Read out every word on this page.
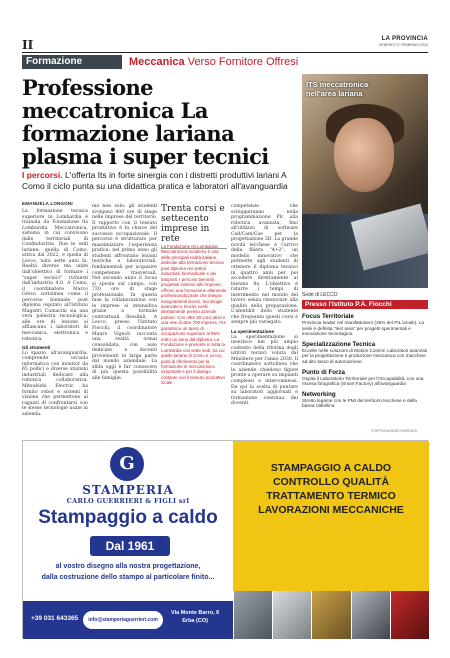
II	LA PROVINCIA
VENERDÌ 17 FEBBRAIO 2024
Formazione	Meccanica Verso Fornitore Offresi
Professione meccatronica La formazione lariana plasma i super tecnici
ITS meccatronica nell'area lariana
I percorsi. L'offerta Its in forte sinergia con i distretti produttivi lariani A Como il ciclo punta su una didattica pratica e laboratori all'avanguardia
EMANUELA LONGONI

La formazione tecnica superiore in Lombardia è trainata da Fondazione Its Lombardia Meccatronica, sistema in cui convivono dalle territoriali di Confindustria. Due le sedi lariane: quella di Como, attiva dal 2022, e quella di Lecco, nata sette anni fa. Realtà diverse ma unite dall'obiettivo di formare i "super tecnici" richiesti dall'industria 4.0. A Como, il coordinatore Marco Greco sottolinea come il percorso biennale post diploma ospitato all'Istituto Magistri Cumacini sia una vera palestra tecnologica: alle ore di lezione si affiancano i laboratori di meccanica, elettronica e robotica.

Gli strumenti

Lo spazio, all'avanguardia, comprende un'aula informatica con monitor da 65 pollici e diverse stazioni industriali dedicate alla robotica collaborativa. Mitsubishi Electric ha fornito robot e sistemi di visione che permettono ai ragazzi di confrontarsi con le stesse tecnologie usate in azienda.

ma non solo: gli studenti svolgono 400 ore di stage nelle imprese del territorio. Il rapporto con il tessuto produttivo è la chiave del successo occupazionale. Il percorso è strutturato per massimizzare l'esperienza pratica: nel primo anno gli studenti affrontano lezioni teoriche e laboratoriali, fondamentali per acquisire competenze trasversali. Nel secondo anno il focus si sposta sul campo, con 720 ore di stage professionale. In questa fase la collaborazione con le imprese si intensifica grazie a formule contrattuali flessibili. A Lecco, presso l'Istituto Fiocchi, il coordinatore Mauro Vignoli racconta una realtà ormai consolidata, con aule dedicate e docenti provenienti in larga parte dal mondo aziendale. La sfida oggi è far conoscere di più questa possibilità alle famiglie.

Trenta corsi e settecento imprese in rete
La Fondazione Its Lombardia Meccatronica Academy è una delle principali realtà italiane dedicate alla formazione tecnica post diploma nei settori industriali, biomedicale e dei trasporti. I percorsi biennali, progettati insieme alle imprese, offrono una formazione altamente professionalizzante che integra insegnamenti teorici, tecnologie avanzate e tirocini svolti direttamente presso aziende partner. Con oltre 30 corsi attivi e una rete di oltre 700 imprese, l'Its garantisce un tasso di occupazione superiore al 95% entro un anno dal diploma. La Fondazione è presente in tutta la Lombardia con sette sedi, tra cui quelle lariane di Como e Lecco, punti di riferimento per la formazione in meccatronica industriale e per il dialogo costante con il tessuto produttivo locale.

competenze che svilupperanno nella programmazione Plc alla robotica avanzata, fino all'utilizzo di software Cad/Cam/Cae per la progettazione 3D. La grande novità lecchese è l'arrivo della filiera "4+2", un modello innovativo che permette agli studenti di ottenere il diploma tecnico in quattro anni per poi accedere direttamente al biennio Its. L'obiettivo è ridurre i tempi di inserimento nel mondo del lavoro senza rinunciare alla qualità della preparazione. L'identikit dello studente che frequenta questi corsi è sempre più variegato.

La sperimentazione

La sperimentazione si inserisce nel più ampio contesto della riforma degli istituti tecnici voluta dal Ministero per l'anno 2030. Il coordinatore sottolinea che le aziende chiedono figure pronte a operare su impianti complessi e interconnessi. Da qui la scelta di puntare su laboratori aggiornati e formazione continua dei docenti.

Sede di LECCO
Presso l'Istituto P.A. Fiocchi
Focus Territoriale
Provincia leader nel manifatturiero (35% del PIL locale). La sede è definita "test area" per progetti sperimentali e innovazione tecnologica.
Specializzazione Tecnica
Eccelle nelle soluzioni di Motion Control. Laboratori avanzati per la progettazione e produzione meccanica con macchine ad alto tasso di automazione.
Punto di Forza
Ospita il Laboratorio Territoriale per l'Occupabilità, con una risorsa fotografica (Smart Factory) all'avanguardia
Networking
Stretto legame con le PMI del territorio lecchese e della bassa Valtellina
© RIPRODUZIONE RISERVATA
G
STAMPERIA
CARLO GUERRIERI & FIGLI srl
Stampaggio a caldo
Dal 1961
al vostro disegno alla nostra progettazione,
dalla costruzione dello stampo al particolare finito...
STAMPAGGIO A CALDO
CONTROLLO QUALITÀ
TRATTAMENTO TERMICO
LAVORAZIONI MECCANICHE
+39 031 643365	info@stamperiaguerrieri.com
Via Monte Barro, 6
Erba (CO)
